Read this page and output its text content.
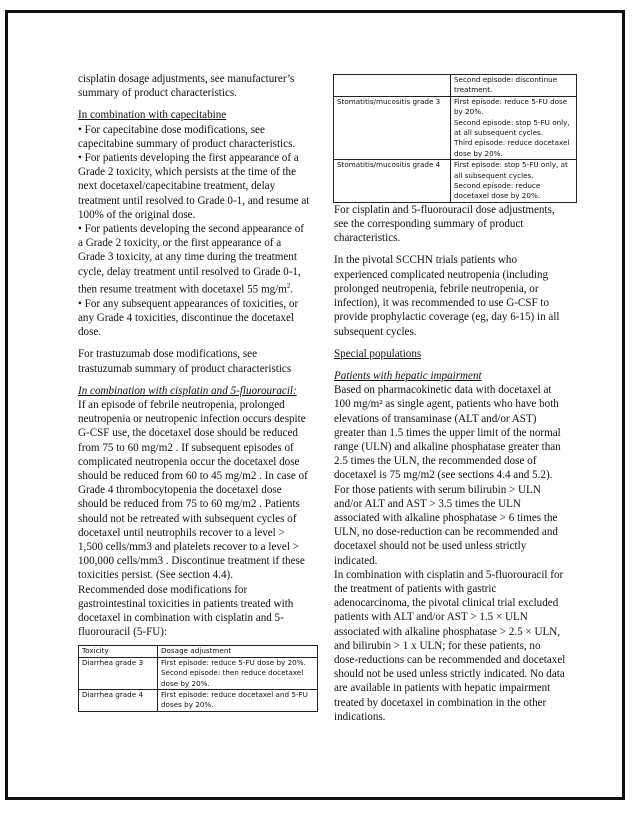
cisplatin dosage adjustments, see manufacturer’s summary of product characteristics.

In combination with capecitabine

• For capecitabine dose modifications, see capecitabine summary of product characteristics.

• For patients developing the first appearance of a Grade 2 toxicity, which persists at the time of the next docetaxel/capecitabine treatment, delay treatment until resolved to Grade 0-1, and resume at 100% of the original dose.

• For patients developing the second appearance of a Grade 2 toxicity, or the first appearance of a Grade 3 toxicity, at any time during the treatment cycle, delay treatment until resolved to Grade 0-1, then resume treatment with docetaxel 55 $mg/m^2$.

• For any subsequent appearances of toxicities, or any Grade 4 toxicities, discontinue the docetaxel dose.

For trastuzumab dose modifications, see trastuzumab summary of product characteristics

In combination with cisplatin and 5-fluorouracil:

If an episode of febrile neutropenia, prolonged neutropenia or neutropenic infection occurs despite G-CSF use, the docetaxel dose should be reduced from 75 to 60 mg/m2 . If subsequent episodes of complicated neutropenia occur the docetaxel dose should be reduced from 60 to 45 mg/m2 . In case of Grade 4 thrombocytopenia the docetaxel dose should be reduced from 75 to 60 mg/m2 . Patients should not be retreated with subsequent cycles of docetaxel until neutrophils recover to a level > 1,500 cells/mm3 and platelets recover to a level > 100,000 cells/mm3 . Discontinue treatment if these toxicities persist. (See section 4.4).

Recommended dose modifications for gastrointestinal toxicities in patients treated with docetaxel in combination with cisplatin and 5-fluorouracil (5-FU):

Toxicity	Dosage adjustment
Diarrhea grade 3	First episode: reduce 5-FU dose by 20%.
Second episode: then reduce docetaxel dose by 20%.

Diarrhea grade 4	First episode: reduce docetaxel and 5-FU doses by 20%.

	Second episode: discontinue treatment.

Stomatitis/mucositis grade 3	First episode: reduce 5-FU dose by 20%.
Second episode: stop 5-FU only, at all subsequent cycles.
Third episode: reduce docetaxel dose by 20%.

Stomatitis/mucositis grade 4	First episode: stop 5-FU only, at all subsequent cycles.
Second episode: reduce docetaxel dose by 20%.

For cisplatin and 5-fluorouracil dose adjustments, see the corresponding summary of product characteristics.

In the pivotal SCCHN trials patients who experienced complicated neutropenia (including prolonged neutropenia, febrile neutropenia, or infection), it was recommended to use G-CSF to provide prophylactic coverage (eg, day 6-15) in all subsequent cycles.

Special populations

Patients with hepatic impairment

Based on pharmacokinetic data with docetaxel at 100 mg/m² as single agent, patients who have both elevations of transaminase (ALT and/or AST) greater than 1.5 times the upper limit of the normal range (ULN) and alkaline phosphatase greater than 2.5 times the ULN, the recommended dose of docetaxel is 75 mg/m2 (see sections 4.4 and 5.2). For those patients with serum bilirubin > ULN and/or ALT and AST > 3.5 times the ULN associated with alkaline phosphatase > 6 times the ULN, no dose-reduction can be recommended and docetaxel should not be used unless strictly indicated.

In combination with cisplatin and 5-fluorouracil for the treatment of patients with gastric adenocarcinoma, the pivotal clinical trial excluded patients with ALT and/or AST > 1.5 × ULN associated with alkaline phosphatase > 2.5 × ULN, and bilirubin > 1 x ULN; for these patients, no dose-reductions can be recommended and docetaxel should not be used unless strictly indicated. No data are available in patients with hepatic impairment treated by docetaxel in combination in the other indications.
